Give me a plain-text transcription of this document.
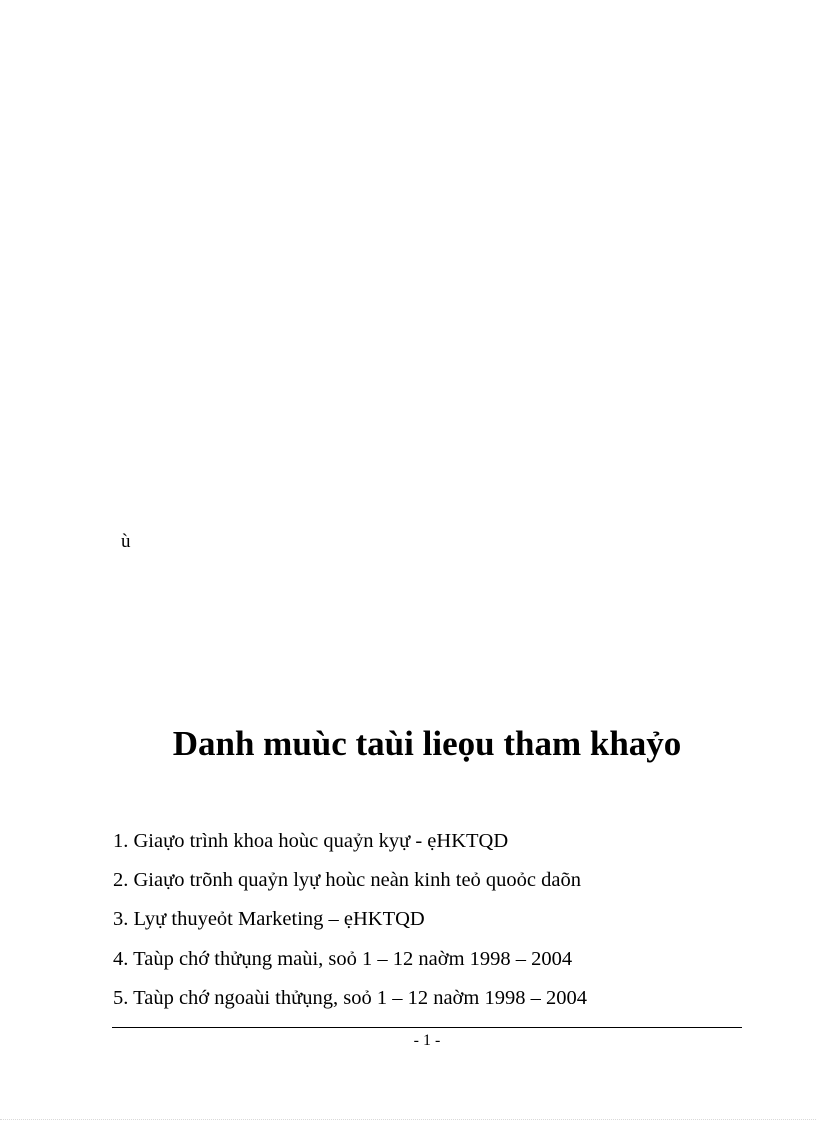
ù
Danh muùc taùi lieọu tham khaỷo
1. Giaựo trình khoa hoùc quaỷn kyự - ẹHKTQD
2. Giaựo trõnh quaỷn lyự hoùc neàn kinh teỏ quoỏc daõn
3. Lyự thuyeỏt Marketing – ẹHKTQD
4. Taùp chớ thửụng maùi, soỏ 1 – 12 naờm 1998 – 2004
5. Taùp chớ ngoaùi thửụng, soỏ 1 – 12 naờm 1998 – 2004
- 1 -
